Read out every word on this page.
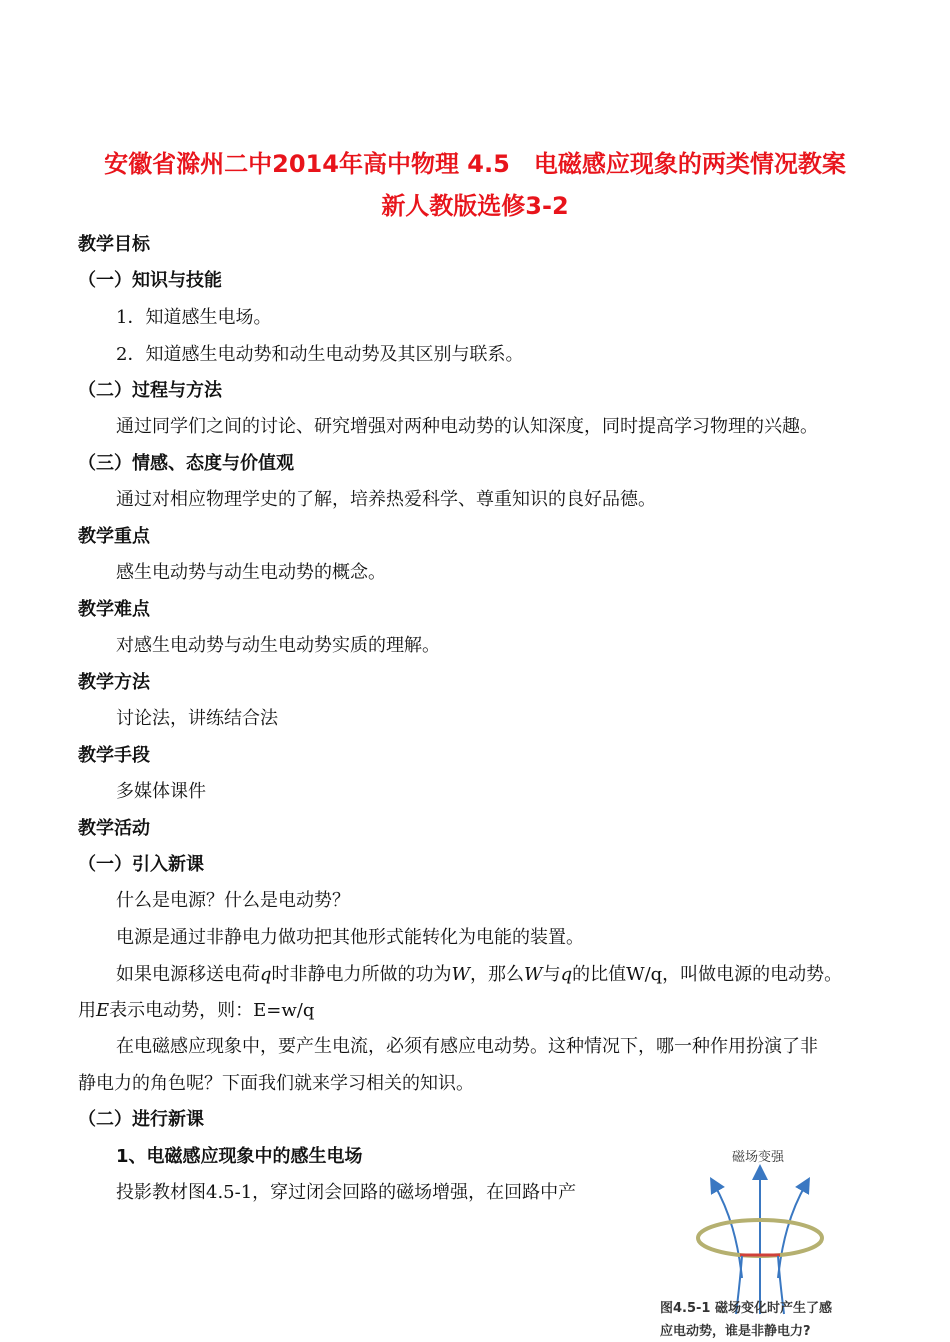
安徽省滁州二中2014年高中物理 4.5　电磁感应现象的两类情况教案
新人教版选修3-2
教学目标
（一）知识与技能
1．知道感生电场。
2．知道感生电动势和动生电动势及其区别与联系。
（二）过程与方法
通过同学们之间的讨论、研究增强对两种电动势的认知深度，同时提高学习物理的兴趣。
（三）情感、态度与价值观
通过对相应物理学史的了解，培养热爱科学、尊重知识的良好品德。
教学重点
感生电动势与动生电动势的概念。
教学难点
对感生电动势与动生电动势实质的理解。
教学方法
讨论法，讲练结合法
教学手段
多媒体课件
教学活动
（一）引入新课
什么是电源？什么是电动势？
电源是通过非静电力做功把其他形式能转化为电能的装置。
如果电源移送电荷q时非静电力所做的功为W，那么W与q的比值W/q，叫做电源的电动势。
用E表示电动势，则：E=w/q
在电磁感应现象中，要产生电流，必须有感应电动势。这种情况下，哪一种作用扮演了非
静电力的角色呢？下面我们就来学习相关的知识。
（二）进行新课
1、电磁感应现象中的感生电场
投影教材图4.5-1，穿过闭会回路的磁场增强，在回路中产
磁场变强
图4.5-1 磁场变化时产生了感
应电动势，谁是非静电力?
